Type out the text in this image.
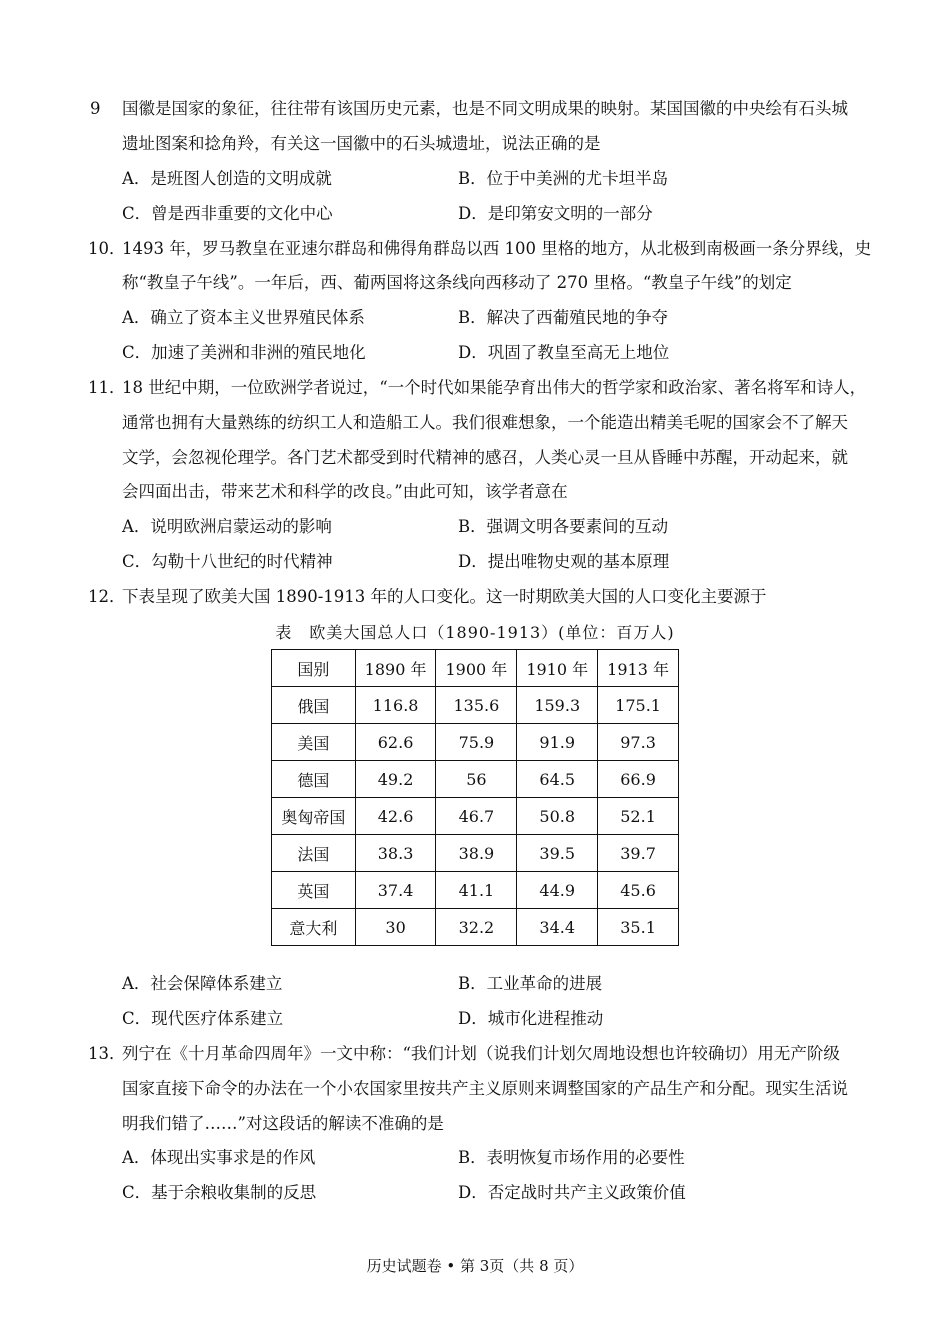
9 国徽是国家的象征，往往带有该国历史元素，也是不同文明成果的映射。某国国徽的中央绘有石头城
遗址图案和捻角羚，有关这一国徽中的石头城遗址，说法正确的是
A．是班图人创造的文明成就	B．位于中美洲的尤卡坦半岛
C．曾是西非重要的文化中心	D．是印第安文明的一部分
10．
1493 年，罗马教皇在亚速尔群岛和佛得角群岛以西 100 里格的地方，从北极到南极画一条分界线，史
称“教皇子午线”。一年后，西、葡两国将这条线向西移动了 270 里格。“教皇子午线”的划定
A．确立了资本主义世界殖民体系	B．解决了西葡殖民地的争夺
C．加速了美洲和非洲的殖民地化	D．巩固了教皇至高无上地位
11．
18 世纪中期，一位欧洲学者说过，“一个时代如果能孕育出伟大的哲学家和政治家、著名将军和诗人，
通常也拥有大量熟练的纺织工人和造船工人。我们很难想象，一个能造出精美毛呢的国家会不了解天
文学，会忽视伦理学。各门艺术都受到时代精神的感召，人类心灵一旦从昏睡中苏醒，开动起来，就
会四面出击，带来艺术和科学的改良。”由此可知，该学者意在
A．说明欧洲启蒙运动的影响	B．强调文明各要素间的互动
C．勾勒十八世纪的时代精神	D．提出唯物史观的基本原理
12．
下表呈现了欧美大国 1890-1913 年的人口变化。这一时期欧美大国的人口变化主要源于
表　欧美大国总人口（1890-1913）(单位：百万人)
国别	1890 年	1900 年	1910 年	1913 年
俄国	116.8	135.6	159.3	175.1
美国	62.6	75.9	91.9	97.3
德国	49.2	56	64.5	66.9
奥匈帝国	42.6	46.7	50.8	52.1
法国	38.3	38.9	39.5	39.7
英国	37.4	41.1	44.9	45.6
意大利	30	32.2	34.4	35.1
A．社会保障体系建立	B．工业革命的进展
C．现代医疗体系建立	D．城市化进程推动
13．
列宁在《十月革命四周年》一文中称：“我们计划（说我们计划欠周地设想也许较确切）用无产阶级
国家直接下命令的办法在一个小农国家里按共产主义原则来调整国家的产品生产和分配。现实生活说
明我们错了……”对这段话的解读不准确的是
A．体现出实事求是的作风	B．表明恢复市场作用的必要性
C．基于余粮收集制的反思	D．否定战时共产主义政策价值
历史试题卷 • 第 3页（共 8 页）
